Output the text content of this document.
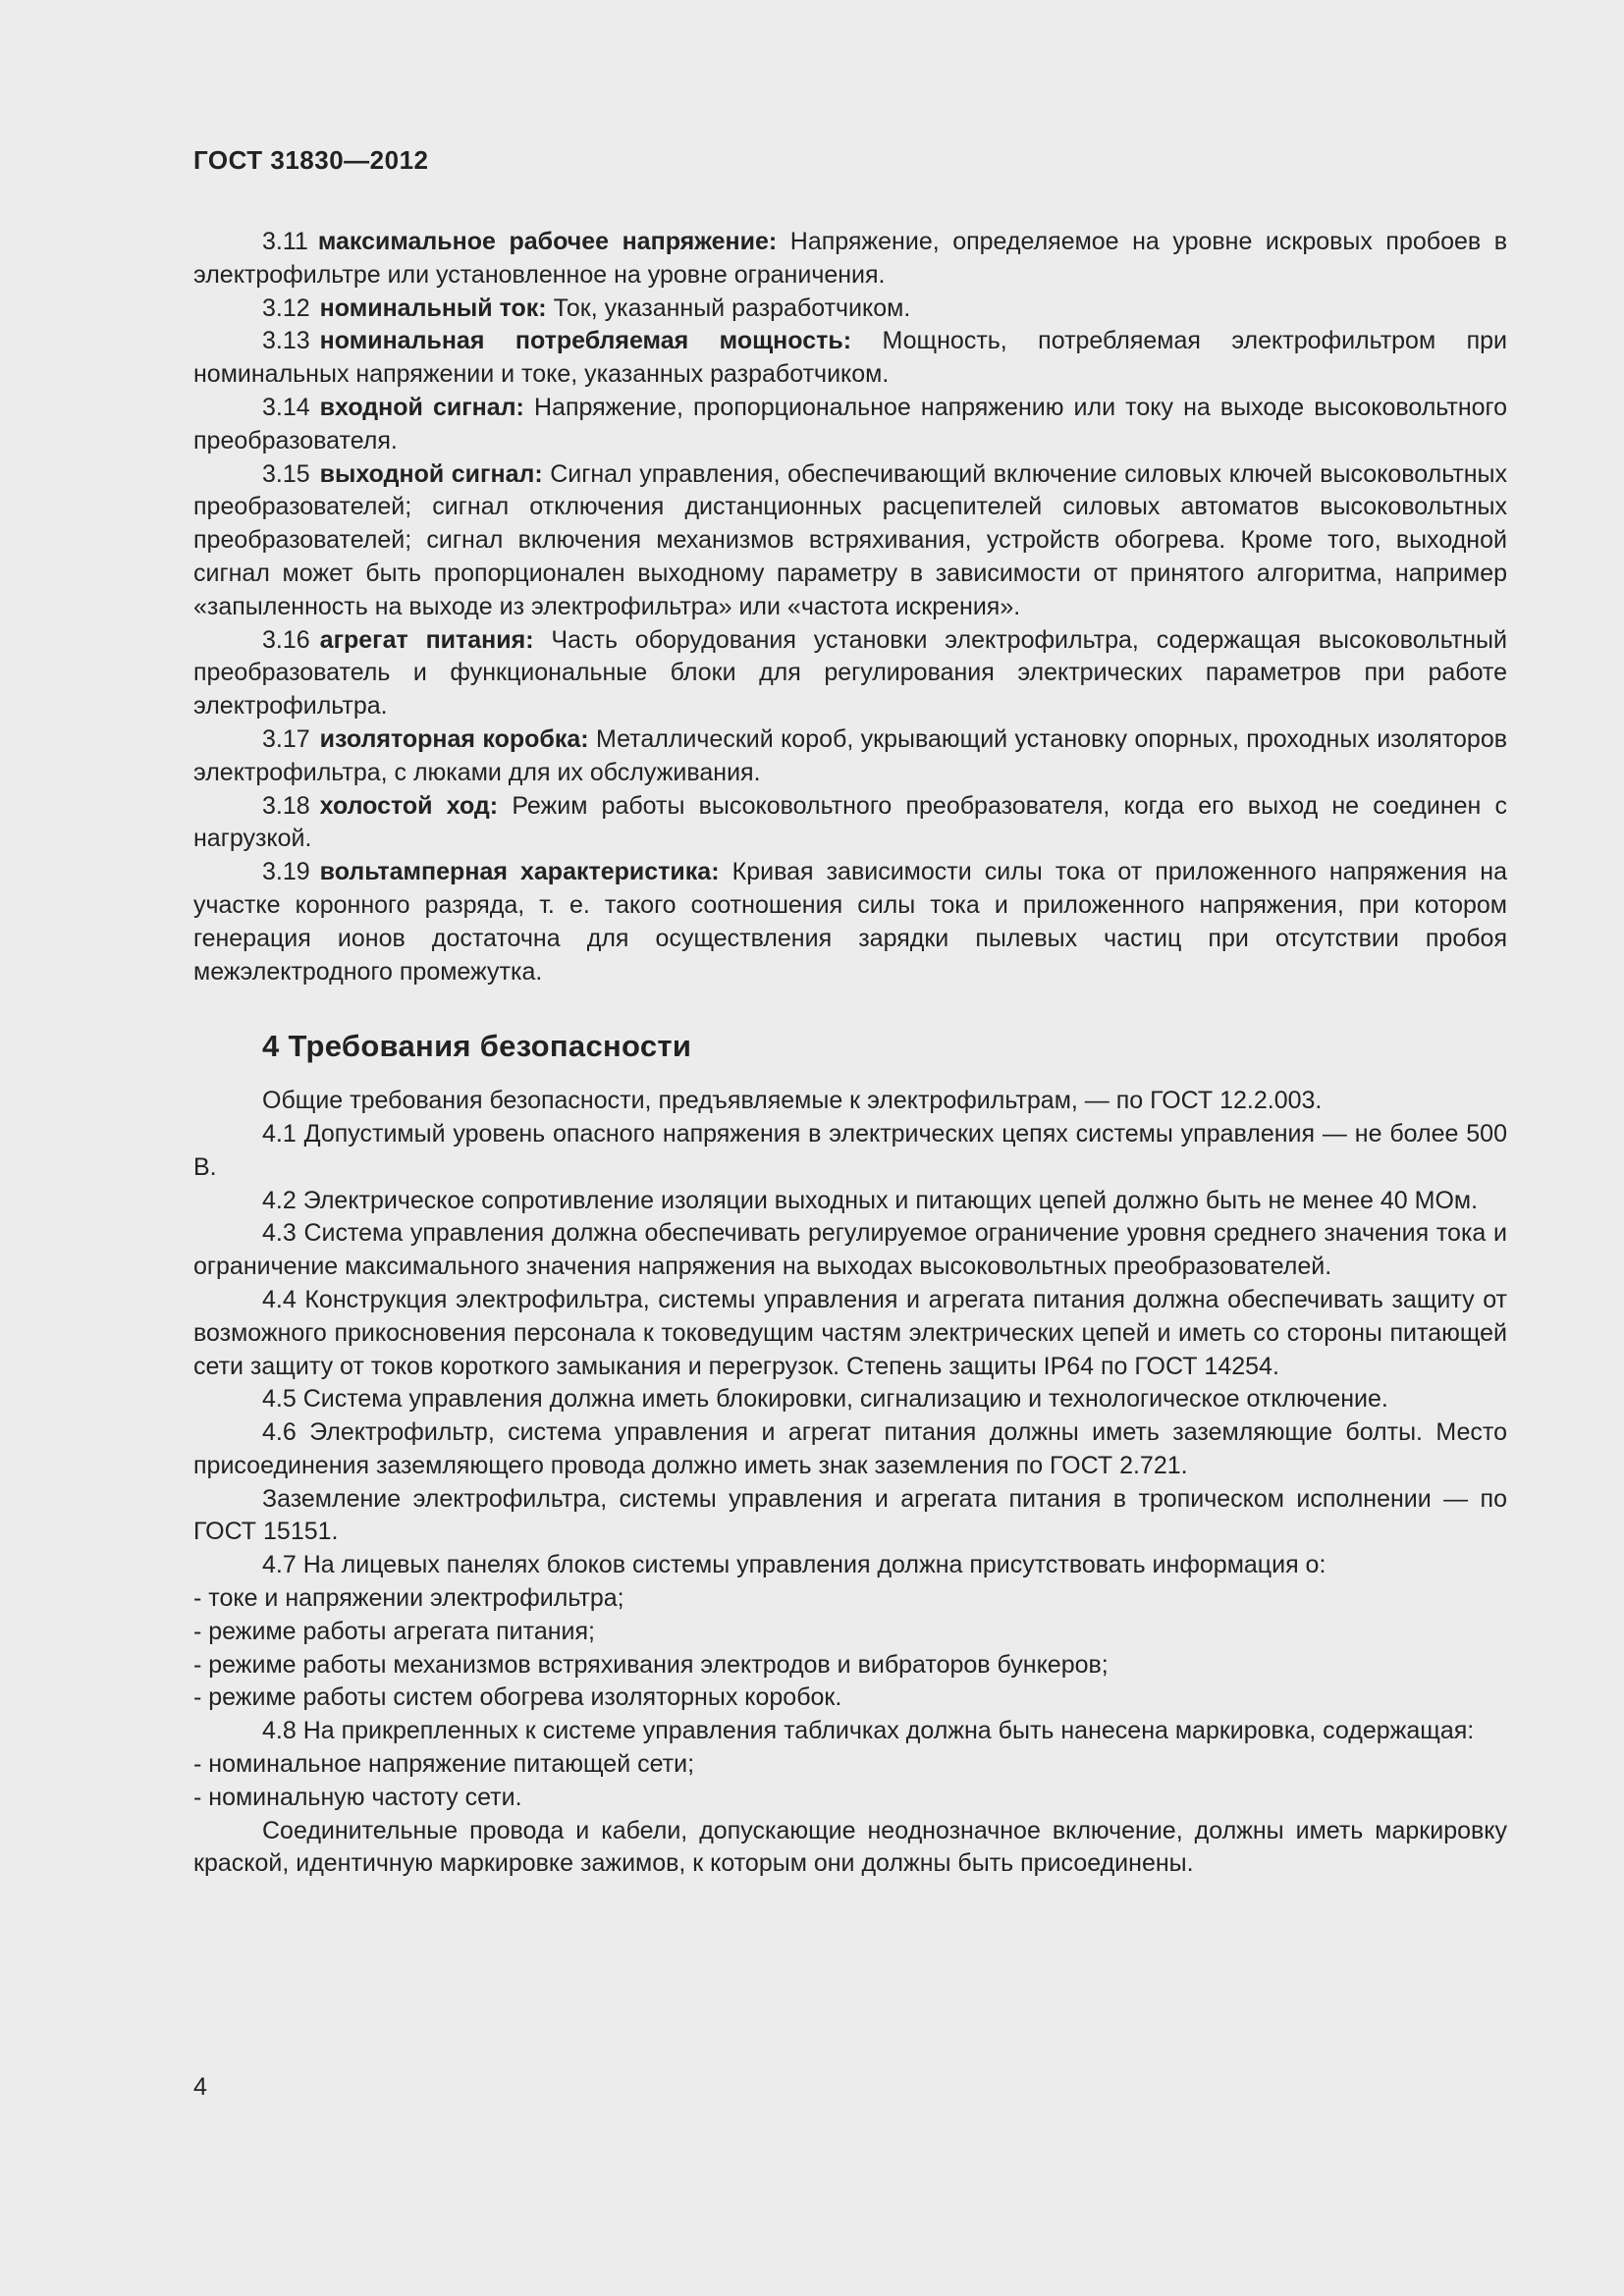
ГОСТ 31830—2012

3.11 максимальное рабочее напряжение: Напряжение, определяемое на уровне искровых пробоев в электрофильтре или установленное на уровне ограничения.

3.12 номинальный ток: Ток, указанный разработчиком.

3.13 номинальная потребляемая мощность: Мощность, потребляемая электрофильтром при номинальных напряжении и токе, указанных разработчиком.

3.14 входной сигнал: Напряжение, пропорциональное напряжению или току на выходе высоковольтного преобразователя.

3.15 выходной сигнал: Сигнал управления, обеспечивающий включение силовых ключей высоковольтных преобразователей; сигнал отключения дистанционных расцепителей силовых автоматов высоковольтных преобразователей; сигнал включения механизмов встряхивания, устройств обогрева. Кроме того, выходной сигнал может быть пропорционален выходному параметру в зависимости от принятого алгоритма, например «запыленность на выходе из электрофильтра» или «частота искрения».

3.16 агрегат питания: Часть оборудования установки электрофильтра, содержащая высоковольтный преобразователь и функциональные блоки для регулирования электрических параметров при работе электрофильтра.

3.17 изоляторная коробка: Металлический короб, укрывающий установку опорных, проходных изоляторов электрофильтра, с люками для их обслуживания.

3.18 холостой ход: Режим работы высоковольтного преобразователя, когда его выход не соединен с нагрузкой.

3.19 вольтамперная характеристика: Кривая зависимости силы тока от приложенного напряжения на участке коронного разряда, т. е. такого соотношения силы тока и приложенного напряжения, при котором генерация ионов достаточна для осуществления зарядки пылевых частиц при отсутствии пробоя межэлектродного промежутка.

4 Требования безопасности

Общие требования безопасности, предъявляемые к электрофильтрам, — по ГОСТ 12.2.003.

4.1 Допустимый уровень опасного напряжения в электрических цепях системы управления — не более 500 В.

4.2 Электрическое сопротивление изоляции выходных и питающих цепей должно быть не менее 40 МОм.

4.3 Система управления должна обеспечивать регулируемое ограничение уровня среднего значения тока и ограничение максимального значения напряжения на выходах высоковольтных преобразователей.

4.4 Конструкция электрофильтра, системы управления и агрегата питания должна обеспечивать защиту от возможного прикосновения персонала к токоведущим частям электрических цепей и иметь со стороны питающей сети защиту от токов короткого замыкания и перегрузок. Степень защиты IP64 по ГОСТ 14254.

4.5 Система управления должна иметь блокировки, сигнализацию и технологическое отключение.

4.6 Электрофильтр, система управления и агрегат питания должны иметь заземляющие болты. Место присоединения заземляющего провода должно иметь знак заземления по ГОСТ 2.721.

Заземление электрофильтра, системы управления и агрегата питания в тропическом исполнении — по ГОСТ 15151.

4.7 На лицевых панелях блоков системы управления должна присутствовать информация о:

- токе и напряжении электрофильтра;

- режиме работы агрегата питания;

- режиме работы механизмов встряхивания электродов и вибраторов бункеров;

- режиме работы систем обогрева изоляторных коробок.

4.8 На прикрепленных к системе управления табличках должна быть нанесена маркировка, содержащая:

- номинальное напряжение питающей сети;

- номинальную частоту сети.

Соединительные провода и кабели, допускающие неоднозначное включение, должны иметь маркировку краской, идентичную маркировке зажимов, к которым они должны быть присоединены.

4
